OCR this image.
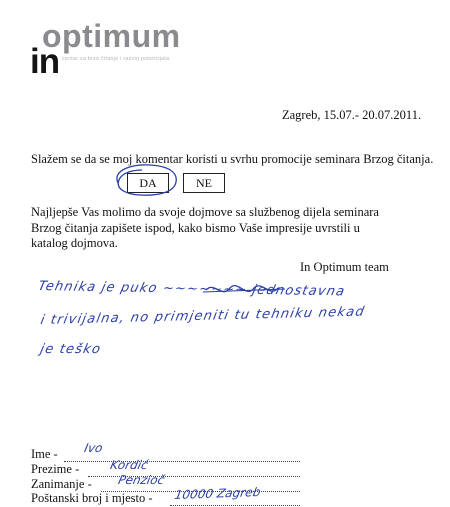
optimum
in centar za brzo čitanje i razvoj potencijala
Zagreb, 15.07.- 20.07.2011.
Slažem se da se moj komentar koristi u svrhu promocije seminara Brzog čitanja.
DA	NE
Najljepše Vas molimo da svoje dojmove sa službenog dijela seminara Brzog čitanja zapišete ispod, kako bismo Vaše impresije uvrstili u katalog dojmova.
In Optimum team
Tehnika je puko ~~~~~~~ jednostavna
i trivijalna, no primjeniti tu tehniku nekad
je teško
Ime - Ivo
Prezime - Kordić
Zanimanje - Penzioč
Poštanski broj i mjesto - 10000 Zagreb
